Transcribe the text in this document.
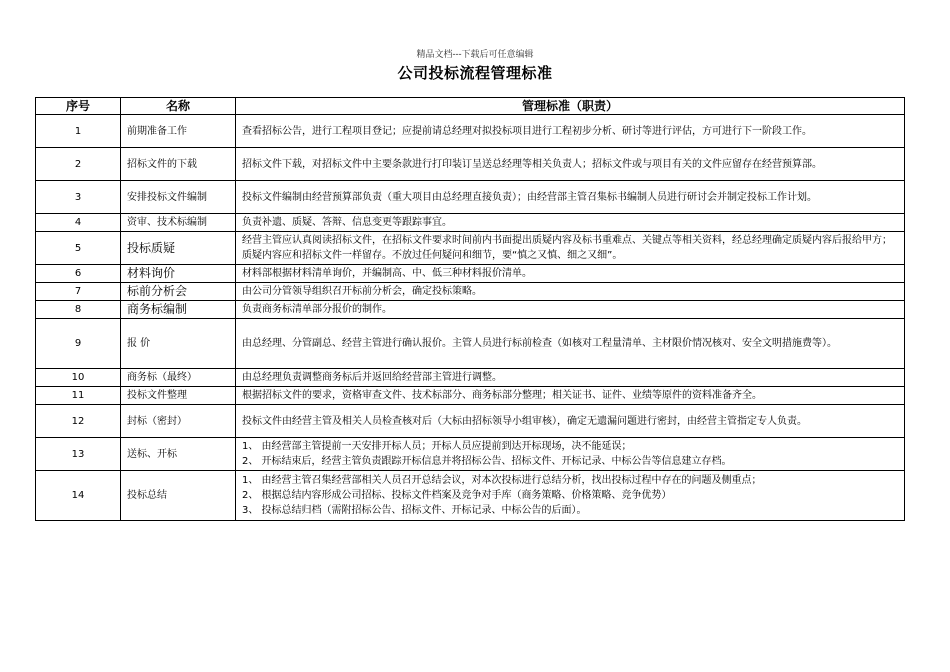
精品文档---下载后可任意编辑
公司投标流程管理标准
序号	名称	管理标准（职责）
1	前期准备工作	查看招标公告，进行工程项目登记；应提前请总经理对拟投标项目进行工程初步分析、研讨等进行评估，方可进行下一阶段工作。

2	招标文件的下载	招标文件下载，对招标文件中主要条款进行打印装订呈送总经理等相关负责人；招标文件或与项目有关的文件应留存在经营预算部。

3	安排投标文件编制	投标文件编制由经营预算部负责（重大项目由总经理直接负责）；由经营部主管召集标书编制人员进行研讨会并制定投标工作计划。

4	资审、技术标编制	负责补遗、质疑、答辩、信息变更等跟踪事宜。

5	投标质疑	经营主管应认真阅读招标文件，在招标文件要求时间前内书面提出质疑内容及标书重难点、关键点等相关资料，经总经理确定质疑内容后报给甲方；质疑内容应和招标文件一样留存。不放过任何疑问和细节，要“慎之又慎、细之又细”。

6	材料询价	材料部根据材料清单询价，并编制高、中、低三种材料报价清单。

7	标前分析会	由公司分管领导组织召开标前分析会，确定投标策略。

8	商务标编制	负责商务标清单部分报价的制作。

9	报 价	由总经理、分管副总、经营主管进行确认报价。主管人员进行标前检查（如核对工程量清单、主材限价情况核对、安全文明措施费等）。

10	商务标（最终）	由总经理负责调整商务标后并返回给经营部主管进行调整。

11	投标文件整理	根据招标文件的要求，资格审查文件、技术标部分、商务标部分整理；相关证书、证件、业绩等原件的资料准备齐全。

12	封标（密封）	投标文件由经营主管及相关人员检查核对后（大标由招标领导小组审核），确定无遗漏问题进行密封，由经营主管指定专人负责。

13	送标、开标	1、 由经营部主管提前一天安排开标人员；开标人员应提前到达开标现场，决不能延误；
2、 开标结束后，经营主管负责跟踪开标信息并将招标公告、招标文件、开标记录、中标公告等信息建立存档。

14	投标总结	1、 由经营主管召集经营部相关人员召开总结会议，对本次投标进行总结分析，找出投标过程中存在的问题及侧重点；
2、 根据总结内容形成公司招标、投标文件档案及竞争对手库（商务策略、价格策略、竞争优势）
3、 投标总结归档（需附招标公告、招标文件、开标记录、中标公告的后面）。
